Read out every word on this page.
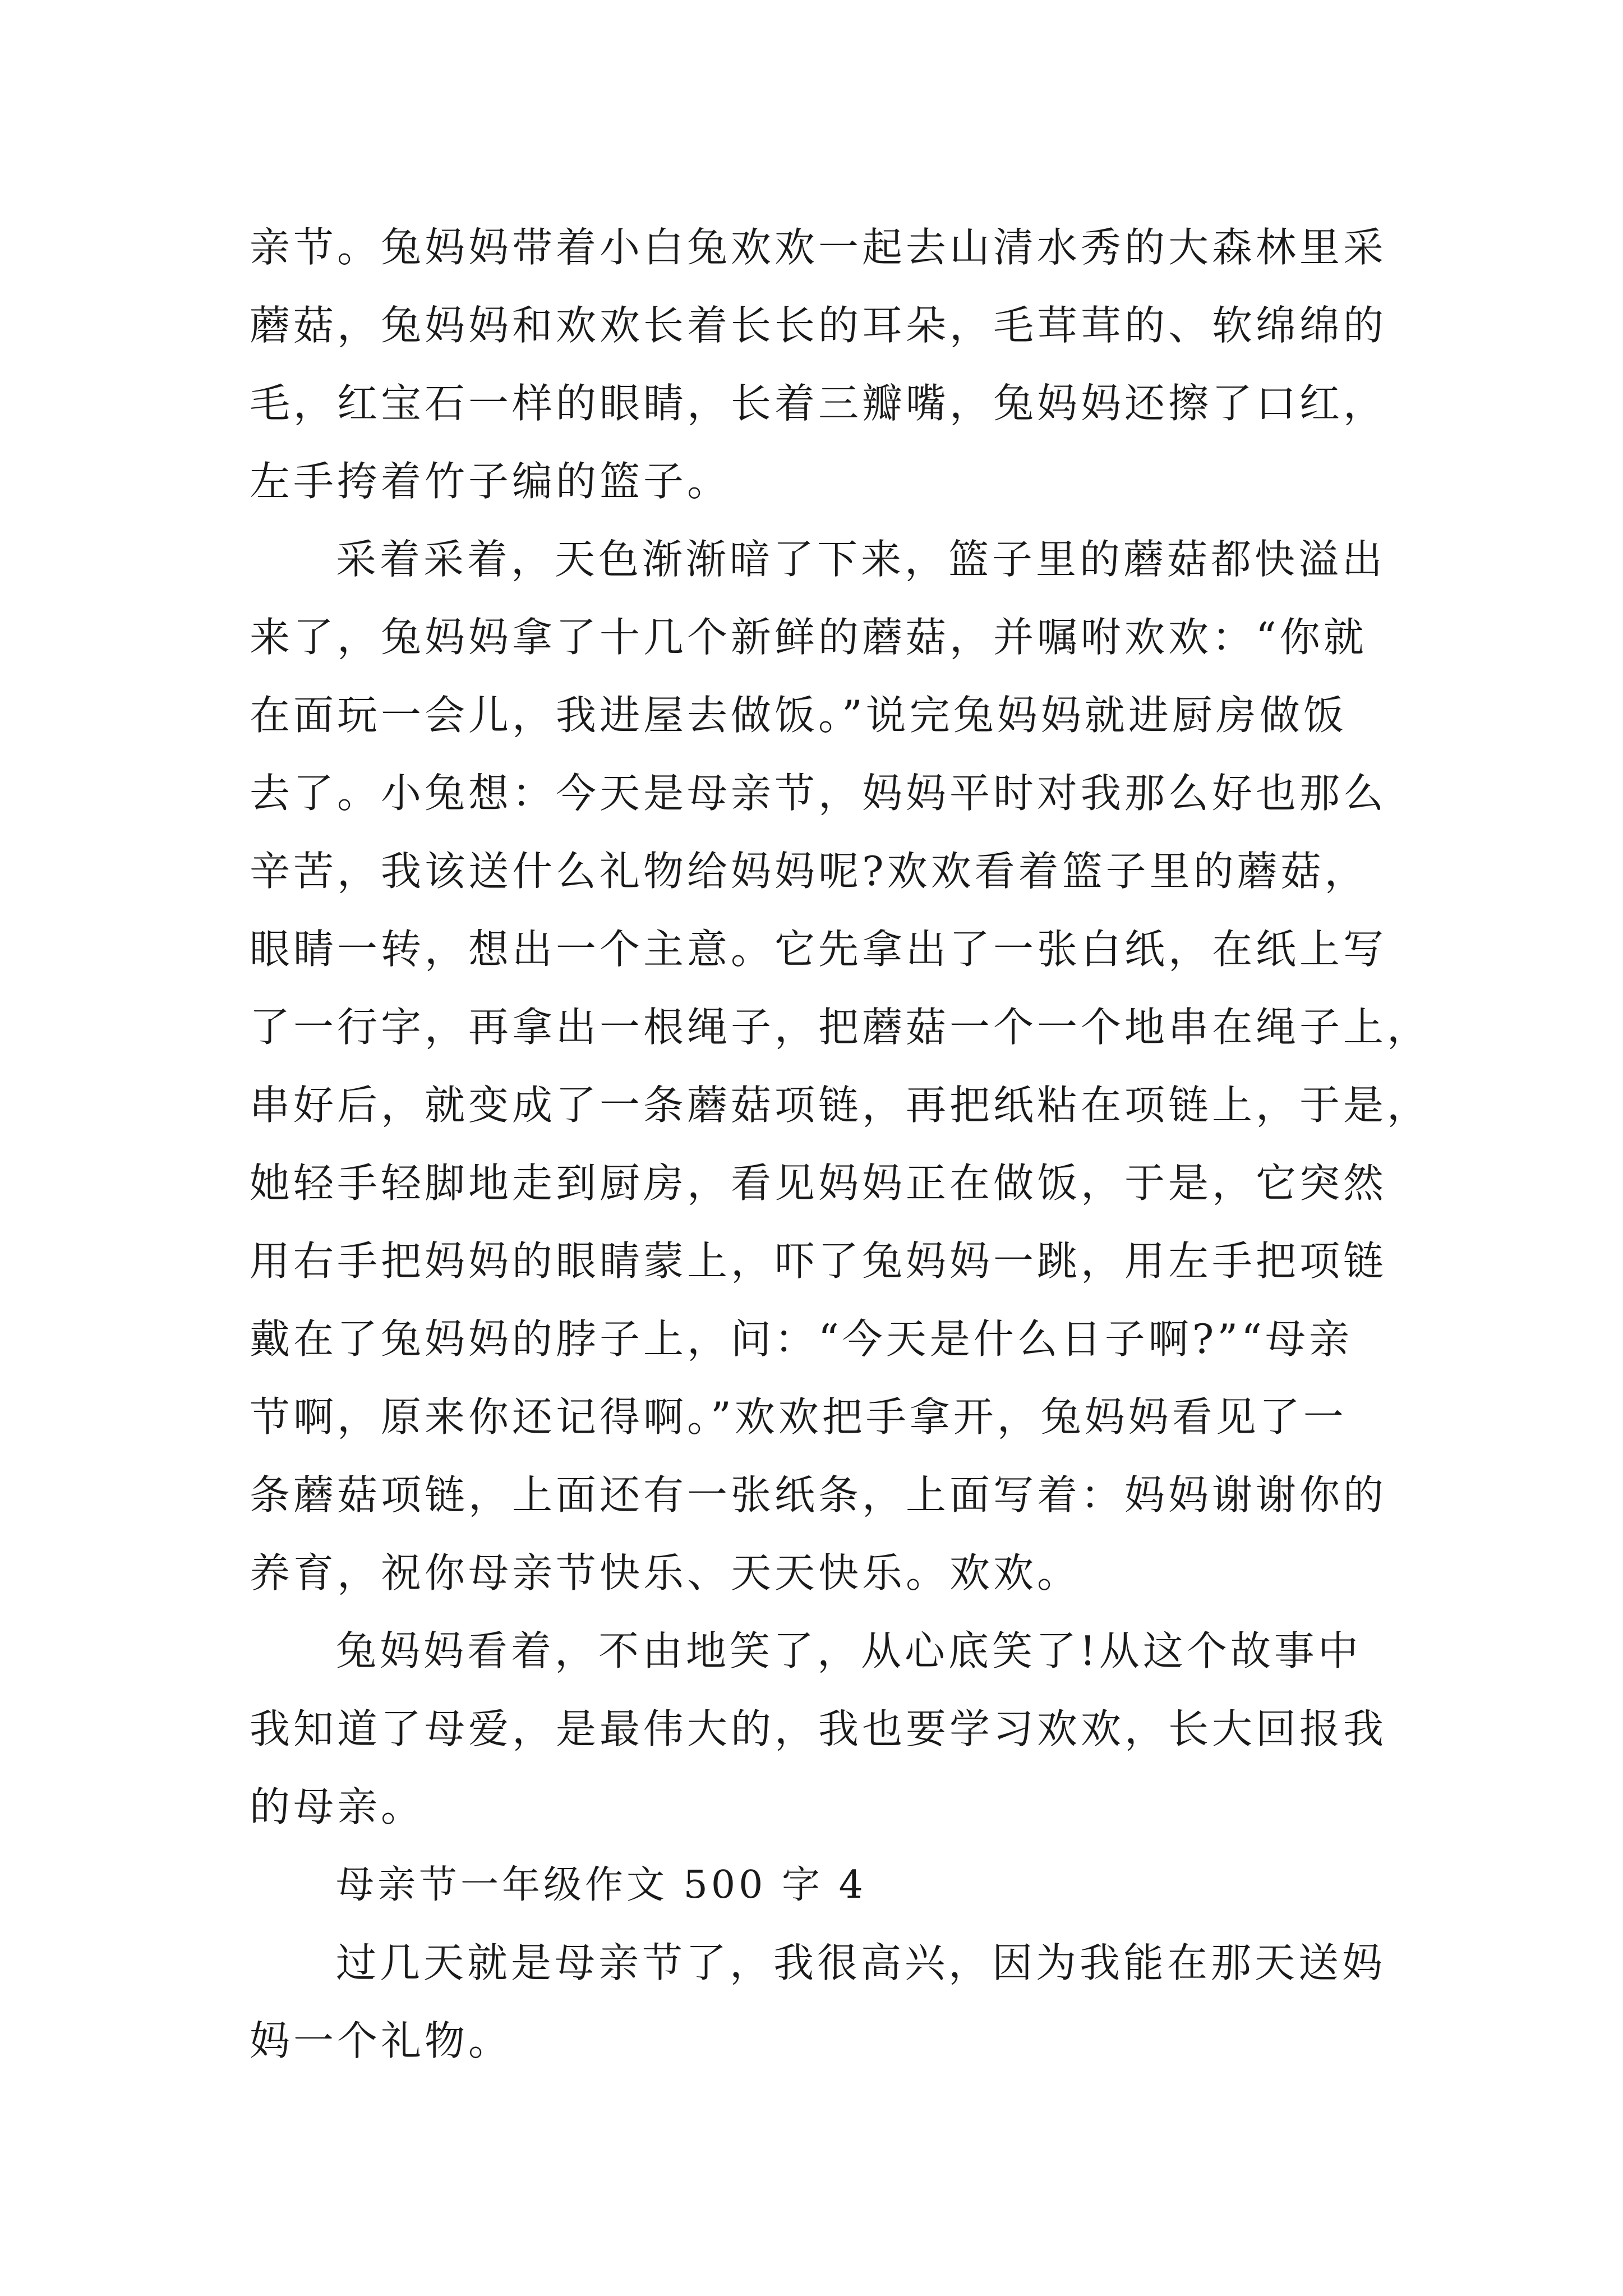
亲节。兔妈妈带着小白兔欢欢一起去山清水秀的大森林里采
蘑菇，兔妈妈和欢欢长着长长的耳朵，毛茸茸的、软绵绵的
毛，红宝石一样的眼睛，长着三瓣嘴，兔妈妈还擦了口红，
左手挎着竹子编的篮子。

采着采着，天色渐渐暗了下来，篮子里的蘑菇都快溢出
来了，兔妈妈拿了十几个新鲜的蘑菇，并嘱咐欢欢：“你就
在面玩一会儿，我进屋去做饭。”说完兔妈妈就进厨房做饭
去了。小兔想：今天是母亲节，妈妈平时对我那么好也那么
辛苦，我该送什么礼物给妈妈呢?欢欢看着篮子里的蘑菇，
眼睛一转，想出一个主意。它先拿出了一张白纸，在纸上写
了一行字，再拿出一根绳子，把蘑菇一个一个地串在绳子上，
串好后，就变成了一条蘑菇项链，再把纸粘在项链上，于是，
她轻手轻脚地走到厨房，看见妈妈正在做饭，于是，它突然
用右手把妈妈的眼睛蒙上，吓了兔妈妈一跳，用左手把项链
戴在了兔妈妈的脖子上，问：“今天是什么日子啊?”“母亲
节啊，原来你还记得啊。”欢欢把手拿开，兔妈妈看见了一
条蘑菇项链，上面还有一张纸条，上面写着：妈妈谢谢你的
养育，祝你母亲节快乐、天天快乐。欢欢。

兔妈妈看着，不由地笑了，从心底笑了!从这个故事中
我知道了母爱，是最伟大的，我也要学习欢欢，长大回报我
的母亲。

母亲节一年级作文 500 字 4

过几天就是母亲节了，我很高兴，因为我能在那天送妈
妈一个礼物。
